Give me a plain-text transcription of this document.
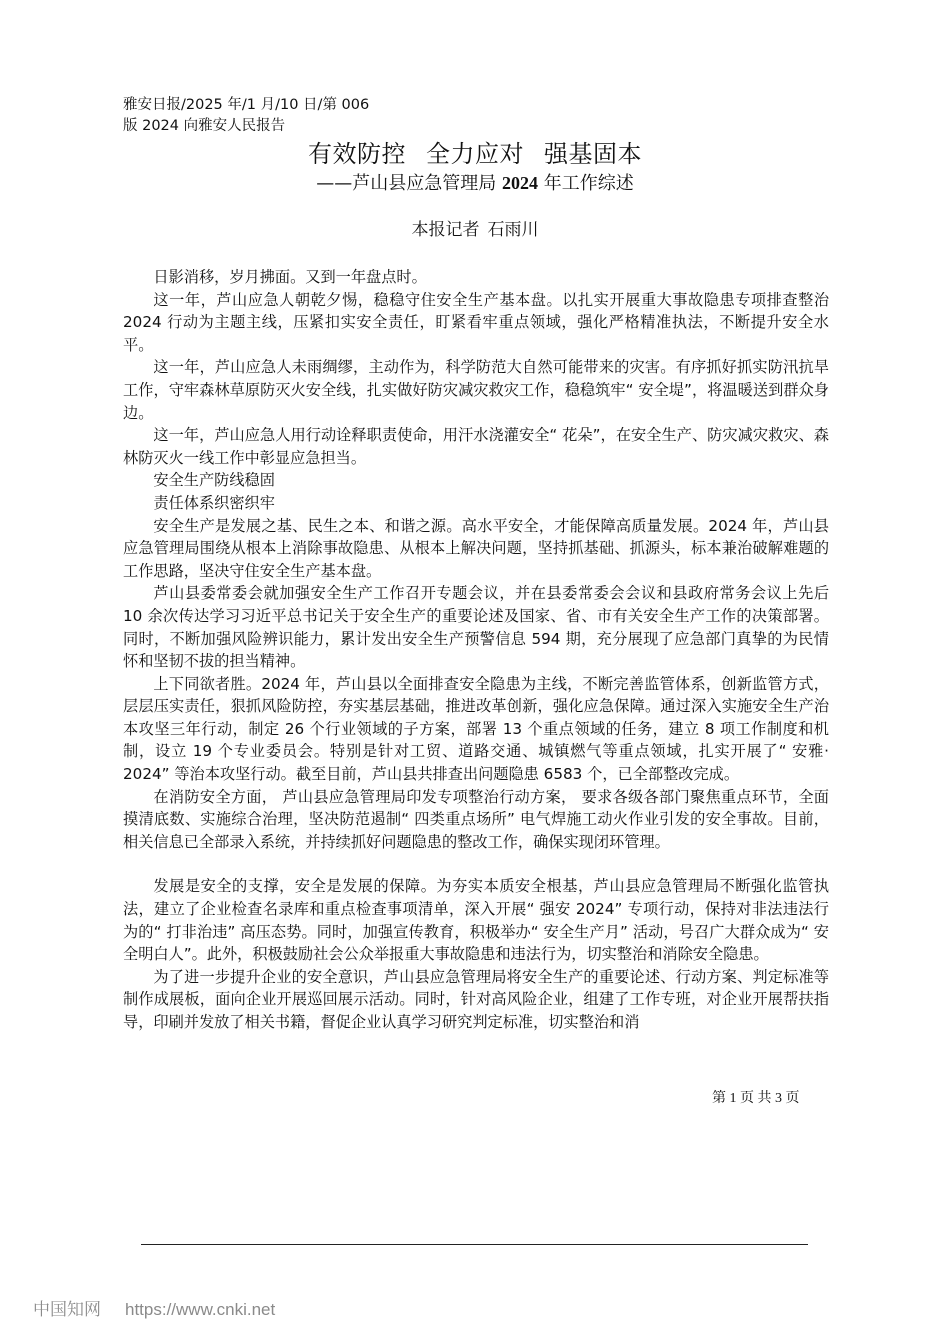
雅安日报/2025 年/1 月/10 日/第 006
版 2024 向雅安人民报告
有效防控 全力应对 强基固本
——芦山县应急管理局 2024 年工作综述
本报记者 石雨川

日影消移，岁月拂面。又到一年盘点时。

这一年，芦山应急人朝乾夕惕，稳稳守住安全生产基本盘。以扎实开展重大事故隐患专项排查整治 2024 行动为主题主线，压紧扣实安全责任，盯紧看牢重点领域，强化严格精准执法，不断提升安全水平。

这一年，芦山应急人未雨绸缪，主动作为，科学防范大自然可能带来的灾害。有序抓好抓实防汛抗旱工作，守牢森林草原防灭火安全线，扎实做好防灾减灾救灾工作，稳稳筑牢“ 安全堤”，将温暖送到群众身边。

这一年，芦山应急人用行动诠释职责使命，用汗水浇灌安全“ 花朵”，在安全生产、防灾减灾救灾、森林防灭火一线工作中彰显应急担当。

安全生产防线稳固

责任体系织密织牢

安全生产是发展之基、民生之本、和谐之源。高水平安全，才能保障高质量发展。2024 年，芦山县应急管理局围绕从根本上消除事故隐患、从根本上解决问题，坚持抓基础、抓源头，标本兼治破解难题的工作思路，坚决守住安全生产基本盘。

芦山县委常委会就加强安全生产工作召开专题会议，并在县委常委会会议和县政府常务会议上先后 10 余次传达学习习近平总书记关于安全生产的重要论述及国家、省、市有关安全生产工作的决策部署。同时，不断加强风险辨识能力，累计发出安全生产预警信息 594 期，充分展现了应急部门真挚的为民情怀和坚韧不拔的担当精神。

上下同欲者胜。2024 年，芦山县以全面排查安全隐患为主线，不断完善监管体系，创新监管方式，层层压实责任，狠抓风险防控，夯实基层基础，推进改革创新，强化应急保障。通过深入实施安全生产治本攻坚三年行动，制定 26 个行业领域的子方案，部署 13 个重点领域的任务，建立 8 项工作制度和机制，设立 19 个专业委员会。特别是针对工贸、道路交通、城镇燃气等重点领域，扎实开展了“ 安雅· 2024” 等治本攻坚行动。截至目前，芦山县共排查出问题隐患 6583 个，已全部整改完成。

在消防安全方面， 芦山县应急管理局印发专项整治行动方案， 要求各级各部门聚焦重点环节，全面摸清底数、实施综合治理，坚决防范遏制“ 四类重点场所” 电气焊施工动火作业引发的安全事故。目前，相关信息已全部录入系统，并持续抓好问题隐患的整改工作，确保实现闭环管理。

发展是安全的支撑，安全是发展的保障。为夯实本质安全根基，芦山县应急管理局不断强化监管执法，建立了企业检查名录库和重点检查事项清单，深入开展“ 强安 2024” 专项行动，保持对非法违法行为的“ 打非治违” 高压态势。同时，加强宣传教育，积极举办“ 安全生产月” 活动，号召广大群众成为“ 安全明白人”。此外，积极鼓励社会公众举报重大事故隐患和违法行为，切实整治和消除安全隐患。

为了进一步提升企业的安全意识，芦山县应急管理局将安全生产的重要论述、行动方案、判定标准等制作成展板，面向企业开展巡回展示活动。同时，针对高风险企业，组建了工作专班，对企业开展帮扶指导，印刷并发放了相关书籍，督促企业认真学习研究判定标准，切实整治和消

第 1 页 共 3 页
中国知网 https://www.cnki.net
